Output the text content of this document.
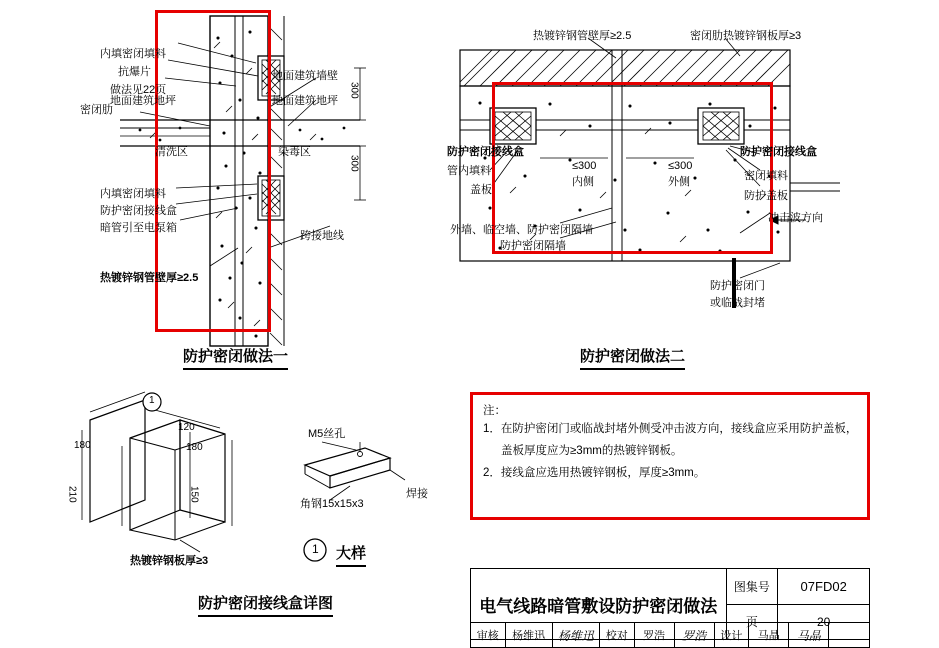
内填密闭填料
抗爆片
做法见22页
密闭肋
地面建筑地坪
清洗区	染毒区
地面建筑墙壁
地面建筑地坪
内填密闭填料
防护密闭接线盒
暗管引至电泵箱
热镀锌钢管壁厚≥2.5
跨接地线
300
300
防护密闭做法一
热镀锌钢管壁厚≥2.5	密闭肋热镀锌钢板厚≥3
防护密闭接线盒
管内填料
盖板
防护密闭接线盒
密闭填料
防护盖板
≤300
内侧
≤300
外侧
外墙、临空墙、防护密闭隔墙
防护密闭隔墙
冲击波方向
防护密闭门
或临战封堵
防护密闭做法二
180
120
180
210	150
热镀锌钢板厚≥3
M5丝孔
角钢15x15x3
焊接
1
1 大样
防护密闭接线盒详图
注：
1．在防护密闭门或临战封堵外侧受冲击波方向，接线盒应采用防护盖板，
盖板厚度应为≥3mm的热镀锌钢板。
2．接线盒应选用热镀锌钢板，厚度≥3mm。
电气线路暗管敷设防护密闭做法	图集号	07FD02
	页	20
审核	杨维迅	杨维迅	校对	罗浩	罗浩	设计	马晶	马晶	
